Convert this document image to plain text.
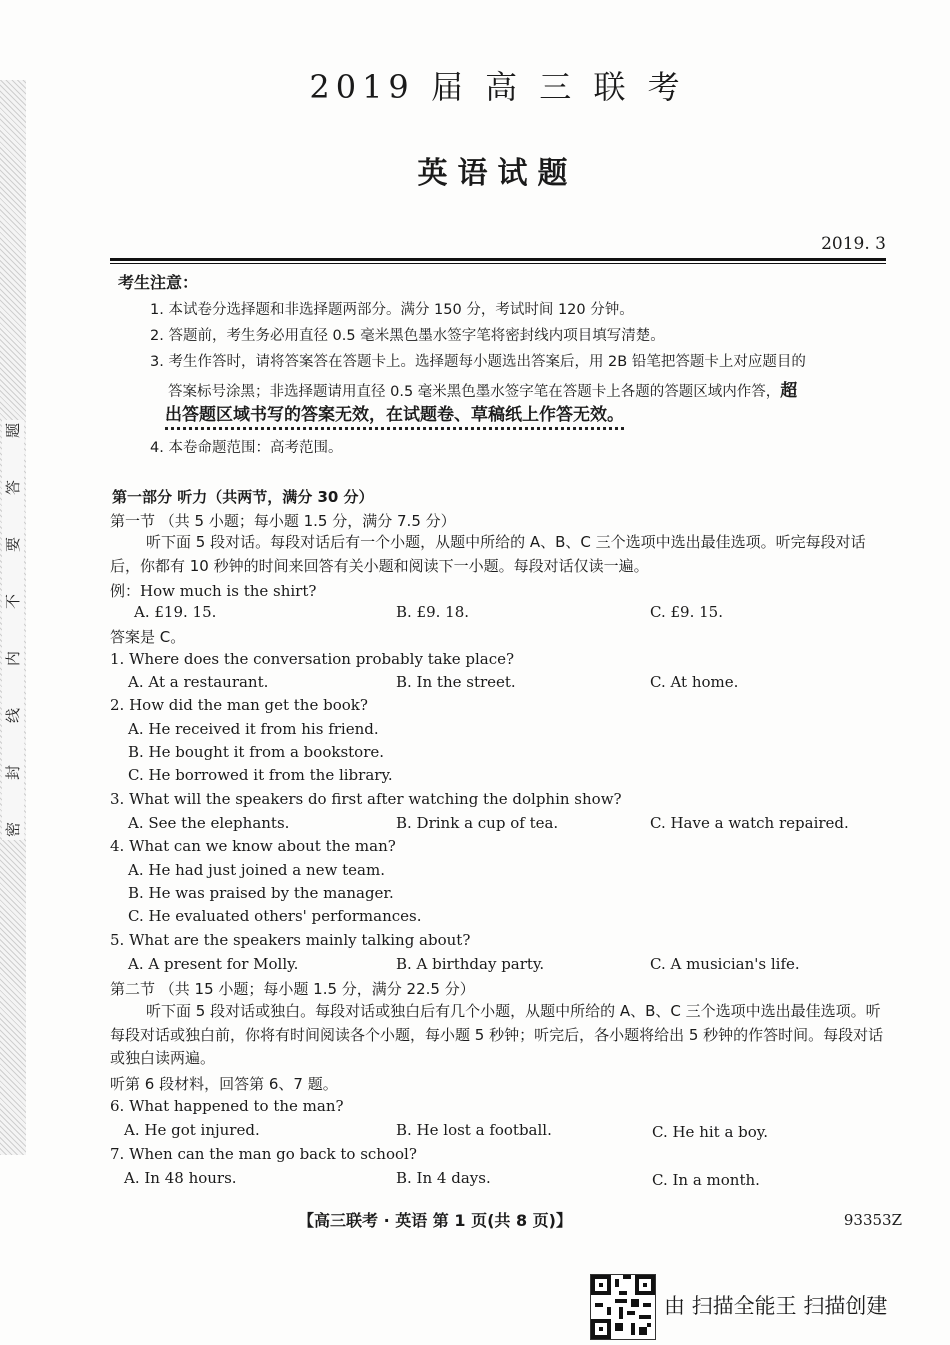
题
答
要
不
内
线
封
密
2019 届 高 三 联 考
英语试题
2019. 3
考生注意：
1. 本试卷分选择题和非选择题两部分。满分 150 分，考试时间 120 分钟。
2. 答题前，考生务必用直径 0.5 毫米黑色墨水签字笔将密封线内项目填写清楚。
3. 考生作答时，请将答案答在答题卡上。选择题每小题选出答案后，用 2B 铅笔把答题卡上对应题目的
答案标号涂黑；非选择题请用直径 0.5 毫米黑色墨水签字笔在答题卡上各题的答题区域内作答，超
出答题区域书写的答案无效，在试题卷、草稿纸上作答无效。
4. 本卷命题范围：高考范围。
第一部分 听力（共两节，满分 30 分）
第一节 （共 5 小题；每小题 1.5 分，满分 7.5 分）
听下面 5 段对话。每段对话后有一个小题，从题中所给的 A、B、C 三个选项中选出最佳选项。听完每段对话后，你都有 10 秒钟的时间来回答有关小题和阅读下一小题。每段对话仅读一遍。
例：How much is the shirt?
A. £19. 15.	B. £9. 18.	C. £9. 15.
答案是 C。
1. Where does the conversation probably take place?
A. At a restaurant.	B. In the street.	C. At home.
2. How did the man get the book?
A. He received it from his friend.
B. He bought it from a bookstore.
C. He borrowed it from the library.
3. What will the speakers do first after watching the dolphin show?
A. See the elephants.	B. Drink a cup of tea.	C. Have a watch repaired.
4. What can we know about the man?
A. He had just joined a new team.
B. He was praised by the manager.
C. He evaluated others' performances.
5. What are the speakers mainly talking about?
A. A present for Molly.	B. A birthday party.	C. A musician's life.
第二节 （共 15 小题；每小题 1.5 分，满分 22.5 分）
听下面 5 段对话或独白。每段对话或独白后有几个小题，从题中所给的 A、B、C 三个选项中选出最佳选项。听每段对话或独白前，你将有时间阅读各个小题，每小题 5 秒钟；听完后，各小题将给出 5 秒钟的作答时间。每段对话或独白读两遍。
听第 6 段材料，回答第 6、7 题。
6. What happened to the man?
A. He got injured.	B. He lost a football.	C. He hit a boy.
7. When can the man go back to school?
A. In 48 hours.	B. In 4 days.	C. In a month.
【高三联考 · 英语 第 1 页(共 8 页)】	93353Z
由 扫描全能王 扫描创建
